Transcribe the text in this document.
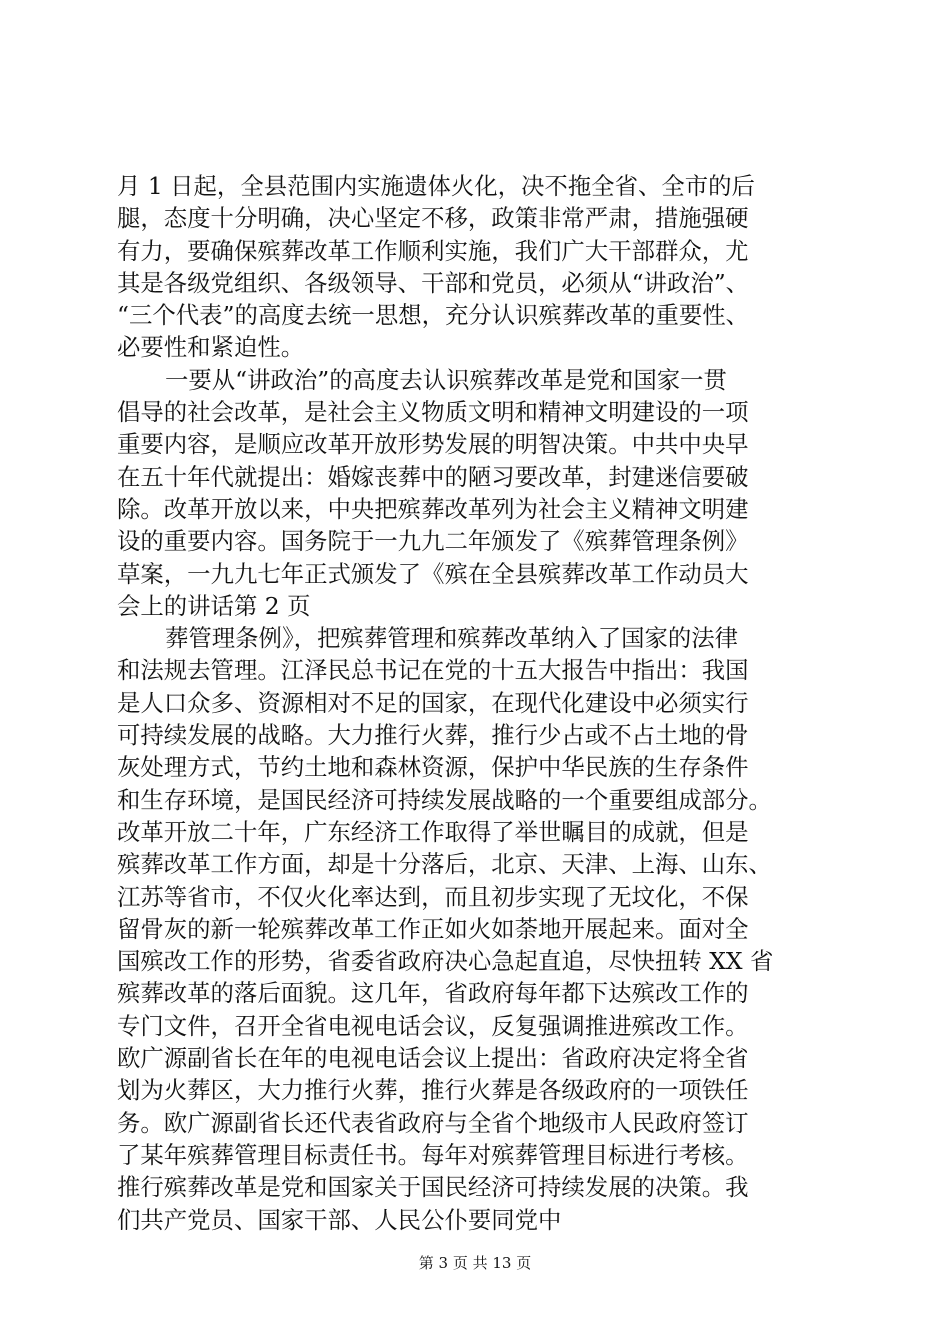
月 1 日起，全县范围内实施遗体火化，决不拖全省、全市的后
腿，态度十分明确，决心坚定不移，政策非常严肃，措施强硬
有力，要确保殡葬改革工作顺利实施，我们广大干部群众，尤
其是各级党组织、各级领导、干部和党员，必须从“讲政治”、
“三个代表”的高度去统一思想，充分认识殡葬改革的重要性、
必要性和紧迫性。
一要从“讲政治”的高度去认识殡葬改革是党和国家一贯
倡导的社会改革，是社会主义物质文明和精神文明建设的一项
重要内容，是顺应改革开放形势发展的明智决策。中共中央早
在五十年代就提出：婚嫁丧葬中的陋习要改革，封建迷信要破
除。改革开放以来，中央把殡葬改革列为社会主义精神文明建
设的重要内容。国务院于一九九二年颁发了《殡葬管理条例》
草案，一九九七年正式颁发了《殡在全县殡葬改革工作动员大
会上的讲话第 2 页
葬管理条例》，把殡葬管理和殡葬改革纳入了国家的法律
和法规去管理。江泽民总书记在党的十五大报告中指出：我国
是人口众多、资源相对不足的国家，在现代化建设中必须实行
可持续发展的战略。大力推行火葬，推行少占或不占土地的骨
灰处理方式，节约土地和森林资源，保护中华民族的生存条件
和生存环境，是国民经济可持续发展战略的一个重要组成部分。
改革开放二十年，广东经济工作取得了举世瞩目的成就，但是
殡葬改革工作方面，却是十分落后，北京、天津、上海、山东、
江苏等省市，不仅火化率达到，而且初步实现了无坟化，不保
留骨灰的新一轮殡葬改革工作正如火如荼地开展起来。面对全
国殡改工作的形势，省委省政府决心急起直追，尽快扭转 XX 省
殡葬改革的落后面貌。这几年，省政府每年都下达殡改工作的
专门文件，召开全省电视电话会议，反复强调推进殡改工作。
欧广源副省长在年的电视电话会议上提出：省政府决定将全省
划为火葬区，大力推行火葬，推行火葬是各级政府的一项铁任
务。欧广源副省长还代表省政府与全省个地级市人民政府签订
了某年殡葬管理目标责任书。每年对殡葬管理目标进行考核。
推行殡葬改革是党和国家关于国民经济可持续发展的决策。我
们共产党员、国家干部、人民公仆要同党中
第 3 页 共 13 页
